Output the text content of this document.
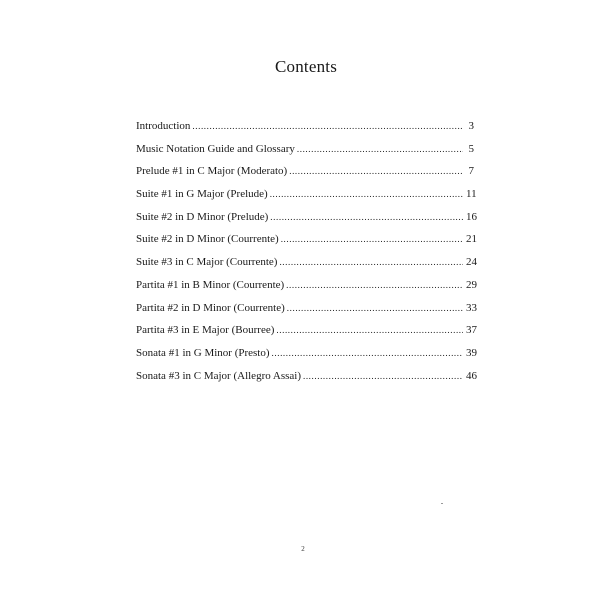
Contents
Introduction .....	3
Music Notation Guide and Glossary .....	5
Prelude #1 in C Major (Moderato) .....	7
Suite #1 in G Major (Prelude) .....	11
Suite #2 in D Minor (Prelude) .....	16
Suite #2 in D Minor (Courrente) .....	21
Suite #3 in C Major (Courrente) .....	24
Partita #1 in B Minor (Courrente) .....	29
Partita #2 in D Minor (Courrente) .....	33
Partita #3 in E Major (Bourree) .....	37
Sonata #1 in G Minor (Presto) .....	39
Sonata #3 in C Major (Allegro Assai) .....	46
2
